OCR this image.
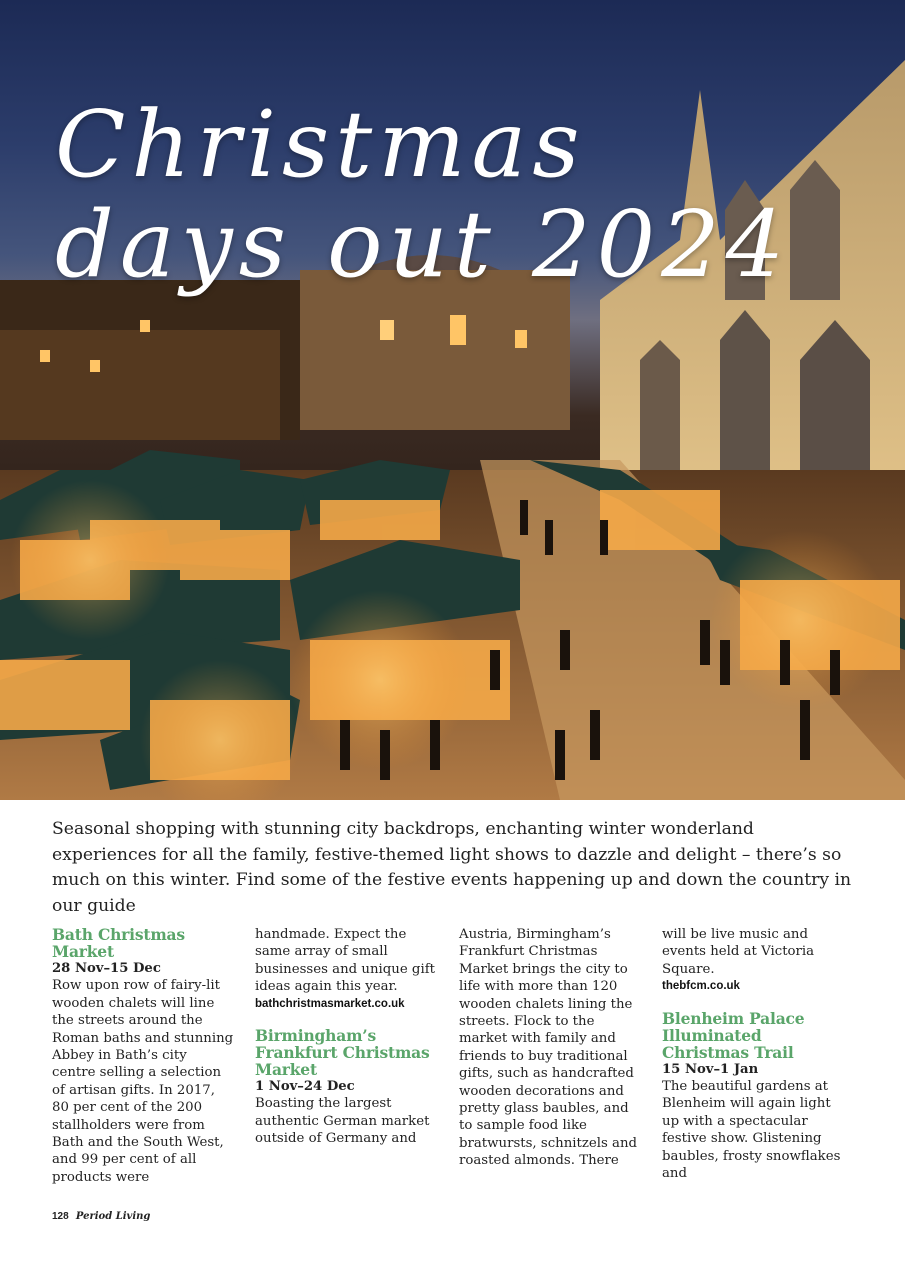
Christmas
days out 2024

Seasonal shopping with stunning city backdrops, enchanting winter wonderland experiences for all the family, festive-themed light shows to dazzle and delight – there’s so much on this winter. Find some of the festive events happening up and down the country in our guide

Bath Christmas Market

28 Nov–15 Dec

Row upon row of fairy-lit wooden chalets will line the streets around the Roman baths and stunning Abbey in Bath’s city centre selling a selection of artisan gifts. In 2017, 80 per cent of the 200 stallholders were from Bath and the South West, and 99 per cent of all products were

handmade. Expect the same array of small businesses and unique gift ideas again this year.

bathchristmasmarket.co.uk

Birmingham’s Frankfurt Christmas Market

1 Nov–24 Dec

Boasting the largest authentic German market outside of Germany and

Austria, Birmingham’s Frankfurt Christmas Market brings the city to life with more than 120 wooden chalets lining the streets. Flock to the market with family and friends to buy traditional gifts, such as handcrafted wooden decorations and pretty glass baubles, and to sample food like bratwursts, schnitzels and roasted almonds. There

will be live music and events held at Victoria Square.

thebfcm.co.uk

Blenheim Palace Illuminated Christmas Trail

15 Nov–1 Jan

The beautiful gardens at Blenheim will again light up with a spectacular festive show. Glistening baubles, frosty snowflakes and

128 Period Living
